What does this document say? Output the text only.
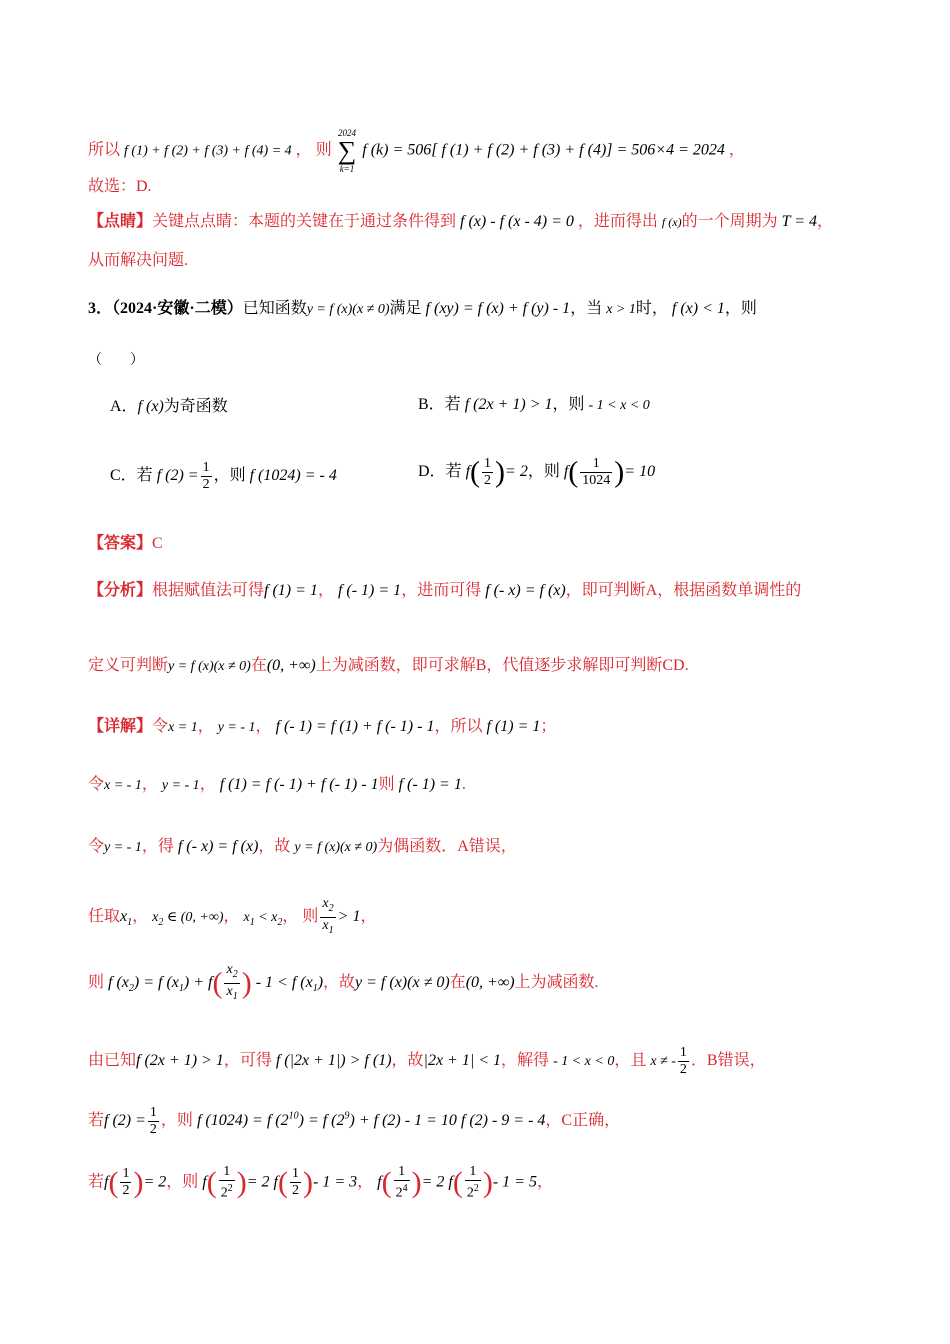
所以 f (1) + f (2) + f (3) + f (4) = 4 ， 则
2024
∑
k=1
f (k) = 506[ f (1) + f (2) + f (3) + f (4)] = 506×4 = 2024 ，
故选：D.
【点睛】关键点点睛：本题的关键在于通过条件得到 f (x) - f (x - 4) = 0 ，进而得出 f (x)的一个周期为 T = 4，
从而解决问题.
3．（2024·安徽·二模）已知函数y = f (x)(x ≠ 0)满足 f (xy) = f (x) + f (y) - 1，当 x > 1时， f (x) < 1，则
（　　）
A．f (x)为奇函数	B．若 f (2x + 1) > 1，则 - 1 < x < 0
C．若 f $(2) = \frac{1}{2}$ ，则 f (1024) = - 4	D．若 $f( \frac{1}{2}$ )= 2，则 $f( \frac{1}{1024}$ )= 10
【答案】C
【分析】根据赋值法可得f (1) = 1， f (- 1) = 1，进而可得 f (- x) = f (x)，即可判断A，根据函数单调性的
定义可判断y = f (x)(x ≠ 0)在(0, +∞)上为减函数，即可求解B，代值逐步求解即可判断CD.
【详解】令x = 1， y = - 1， f (- 1) = f (1) + f (- 1) - 1，所以 f (1) = 1；
令x = - 1， y = - 1， f (1) = f (- 1) + f (- 1) - 1则 f (- 1) = 1.
令y = - 1，得 f (- x) = f (x)，故 y = f (x)(x ≠ 0)为偶函数．A错误，
任取$x_1$， $x_2$ ∈ (0, +∞)， $x_1 < x_2$， 则 $\frac{x_2}{x_1} > 1$，
则 f $(x_2) = f$ $(x_1) + f( \frac{x_2}{x_1}$ ) - 1 < f $(x_1)$，故y = f (x)(x ≠ 0)在(0, +∞)上为减函数.
由已知f (2x + 1) > 1，可得 f (|2x + 1|) > f (1)，故|2x + 1| < 1，解得 - 1 < x < 0，且 x ≠ - $\frac{1}{2}$ ．B错误，
若f $(2) = \frac{1}{2}$ ，则 f (1024) = f $(2^{10}) = f$ $(2^9) + f$ (2) - 1 = 10 f (2) - 9 = - 4，C正确，
若$f( \frac{1}{2}$ )= 2，则 $f( \frac{1}{2^2}$ )= 2 $f( \frac{1}{2}$ )- 1 = 3， $f( \frac{1}{2^4}$ )= 2 $f( \frac{1}{2^2}$ )- 1 = 5，
